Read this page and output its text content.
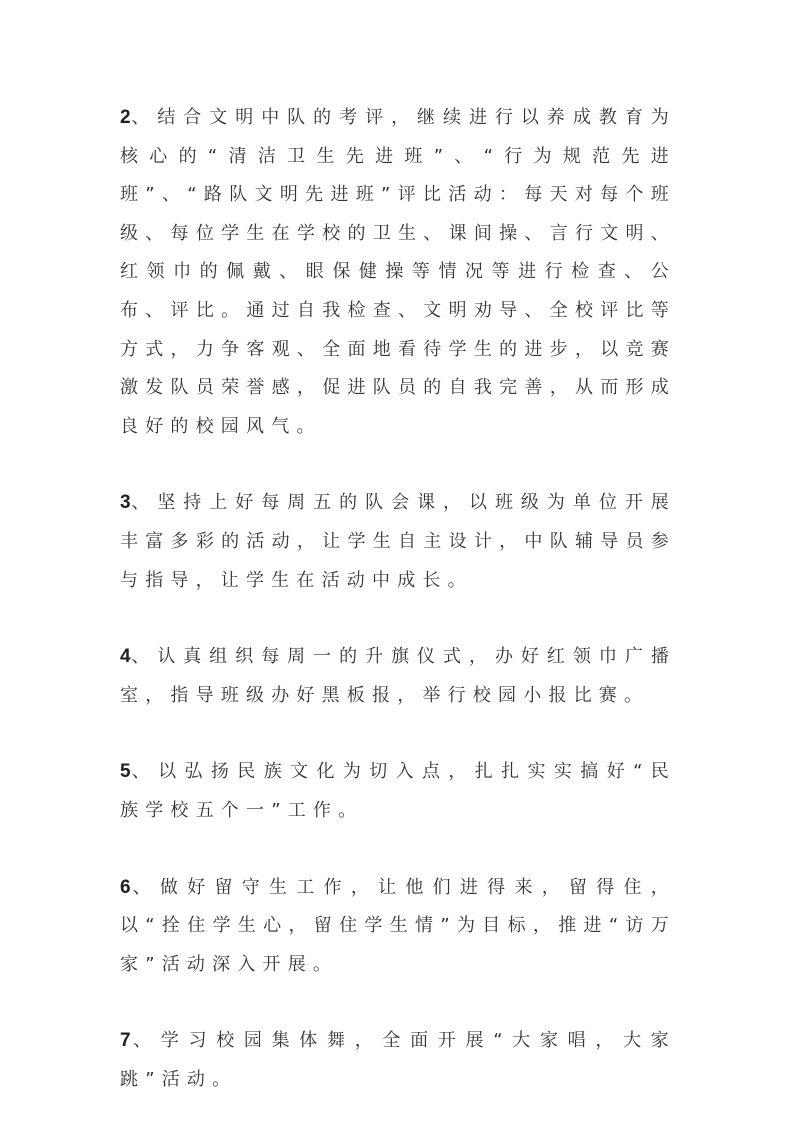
2、结合文明中队的考评，继续进行以养成教育为核心的“清洁卫生先进班”、“行为规范先进班”、“路队文明先进班”评比活动：每天对每个班级、每位学生在学校的卫生、课间操、言行文明、红领巾的佩戴、眼保健操等情况等进行检查、公布、评比。通过自我检查、文明劝导、全校评比等方式，力争客观、全面地看待学生的进步，以竞赛激发队员荣誉感，促进队员的自我完善，从而形成良好的校园风气。

3、坚持上好每周五的队会课，以班级为单位开展丰富多彩的活动，让学生自主设计，中队辅导员参与指导，让学生在活动中成长。

4、认真组织每周一的升旗仪式，办好红领巾广播室，指导班级办好黑板报，举行校园小报比赛。

5、以弘扬民族文化为切入点，扎扎实实搞好“民族学校五个一”工作。

6、做好留守生工作，让他们进得来，留得住，以“拴住学生心，留住学生情”为目标，推进“访万家”活动深入开展。

7、学习校园集体舞，全面开展“大家唱，大家跳”活动。
